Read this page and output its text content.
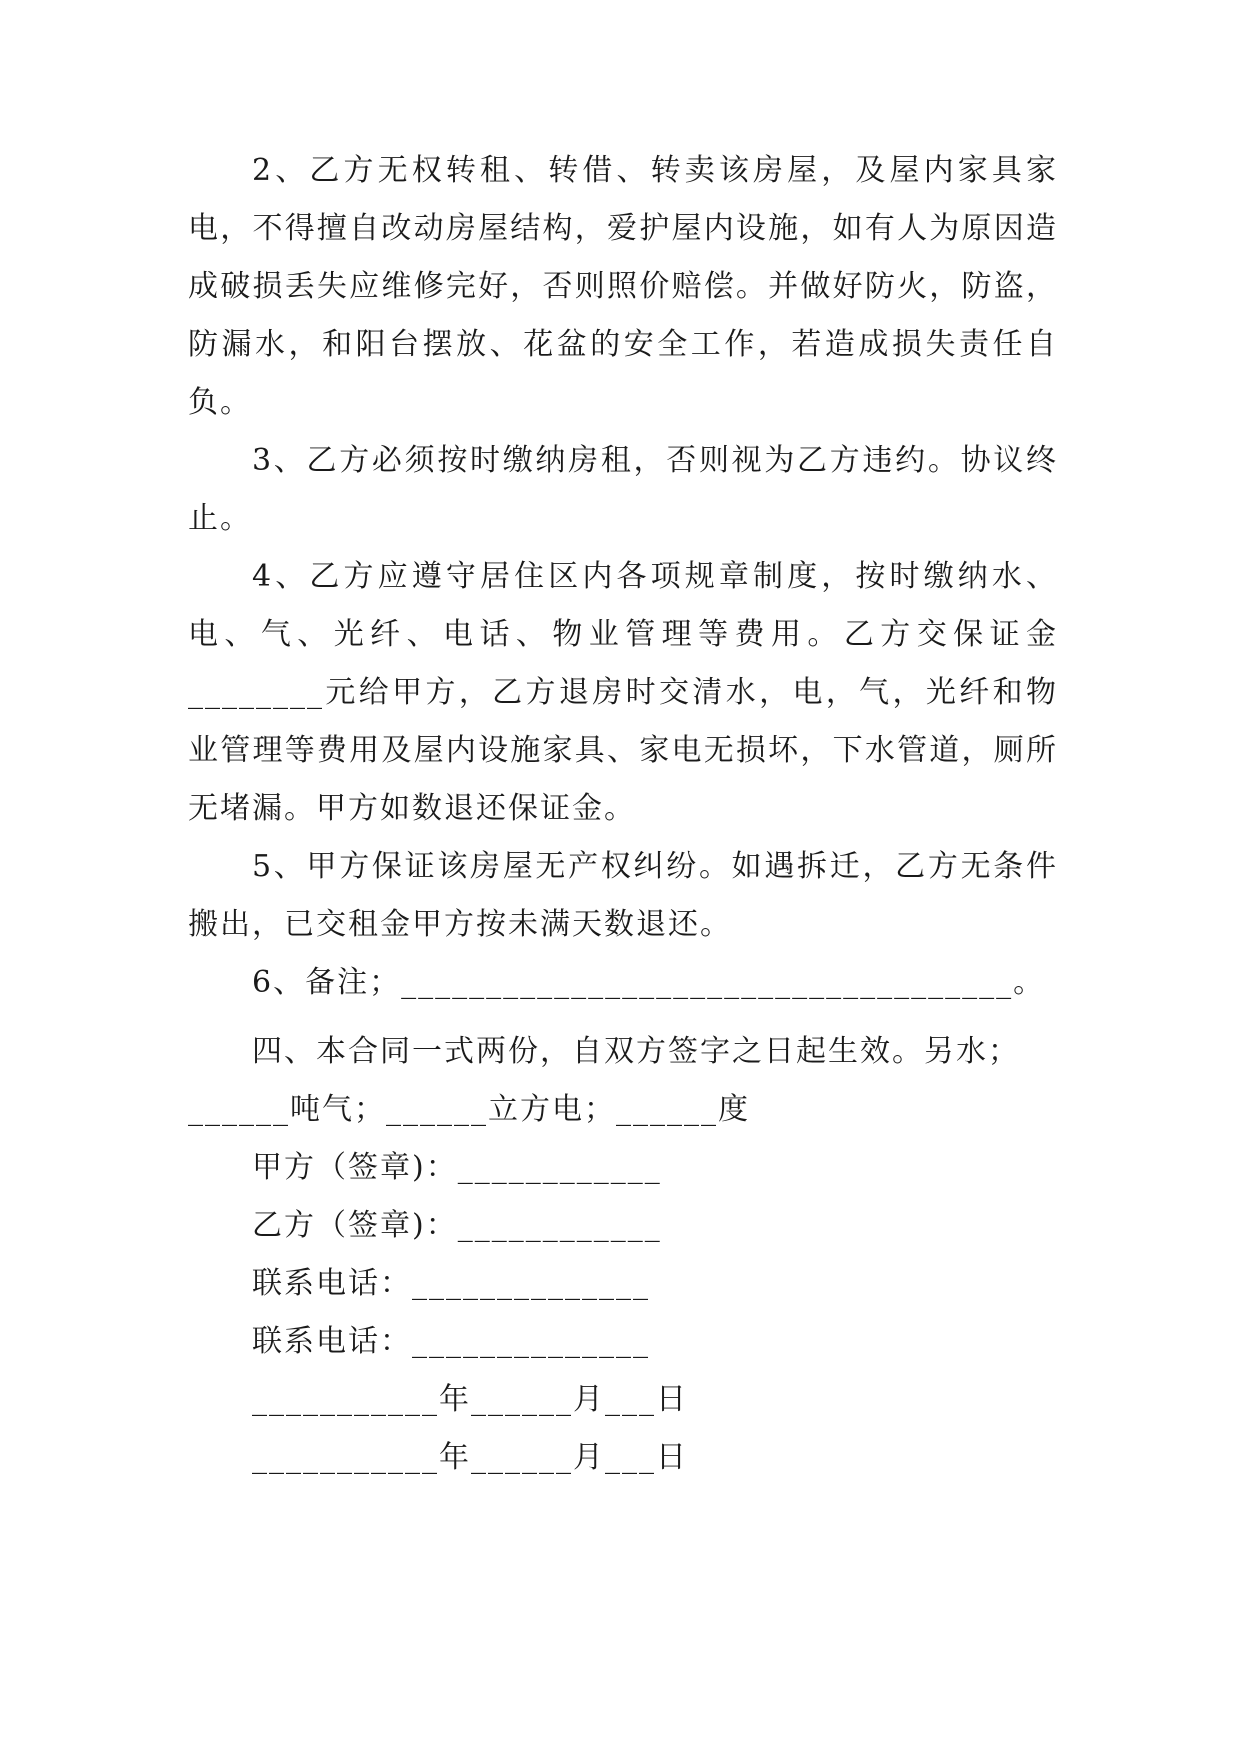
2、乙方无权转租、转借、转卖该房屋，及屋内家具家电，不得擅自改动房屋结构，爱护屋内设施，如有人为原因造成破损丢失应维修完好，否则照价赔偿。并做好防火，防盗，防漏水，和阳台摆放、花盆的安全工作，若造成损失责任自负。

3、乙方必须按时缴纳房租，否则视为乙方违约。协议终止。

4、乙方应遵守居住区内各项规章制度，按时缴纳水、电、气、光纤、电话、物业管理等费用。乙方交保证金________元给甲方，乙方退房时交清水，电，气，光纤和物业管理等费用及屋内设施家具、家电无损坏，下水管道，厕所无堵漏。甲方如数退还保证金。

5、甲方保证该房屋无产权纠纷。如遇拆迁，乙方无条件搬出，已交租金甲方按未满天数退还。

6、备注；____________________________________。

四、本合同一式两份，自双方签字之日起生效。另水；
______吨气；______立方电；______度
甲方（签章)：____________
乙方（签章)：____________
联系电话：______________
联系电话：______________
___________年______月___日
___________年______月___日
